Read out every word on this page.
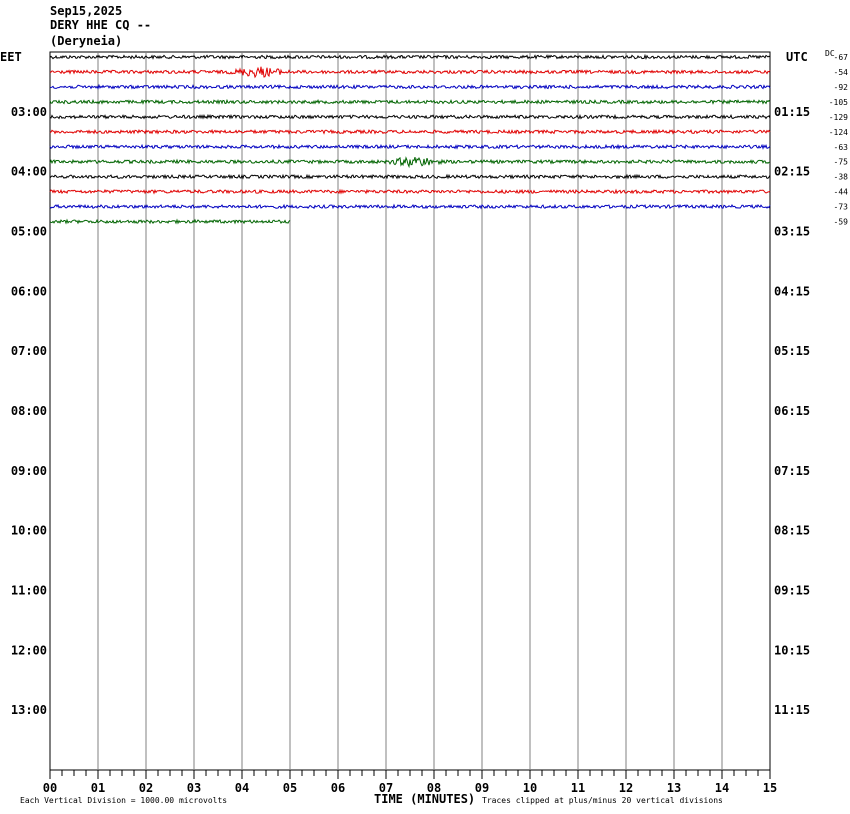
Sep15,2025
DERY HHE CQ --
(Deryneia)
EET	UTC DC
00	01	02	03	04	05	06	07	08	09	10	11	12	13	14	15
03:00
04:00
05:00
06:00
07:00
08:00
09:00
10:00
11:00
12:00
13:00
01:15
02:15
03:15
04:15
05:15
06:15
07:15
08:15
09:15
10:15
11:15
-67
-54
-92
-105
-129
-124
-63
-75
-38
-44
-73
-59
Each Vertical Division = 1000.00 microvolts	TIME (MINUTES) Traces clipped at plus/minus 20 vertical divisions
